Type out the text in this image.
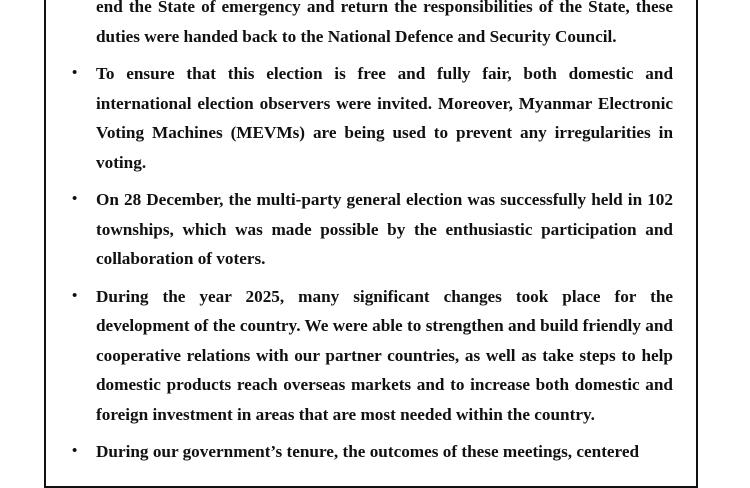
end the State of emergency and return the responsibilities of the State, these duties were handed back to the National Defence and Security Council.

• To ensure that this election is free and fully fair, both domestic and international election observers were invited. Moreover, Myanmar Electronic Voting Machines (MEVMs) are being used to prevent any irregularities in voting.
• On 28 December, the multi-party general election was successfully held in 102 townships, which was made possible by the enthusiastic participation and collaboration of voters.
• During the year 2025, many significant changes took place for the development of the country. We were able to strengthen and build friendly and cooperative relations with our partner countries, as well as take steps to help domestic products reach overseas markets and to increase both domestic and foreign investment in areas that are most needed within the country.
• During our government’s tenure, the outcomes of these meetings, centered
